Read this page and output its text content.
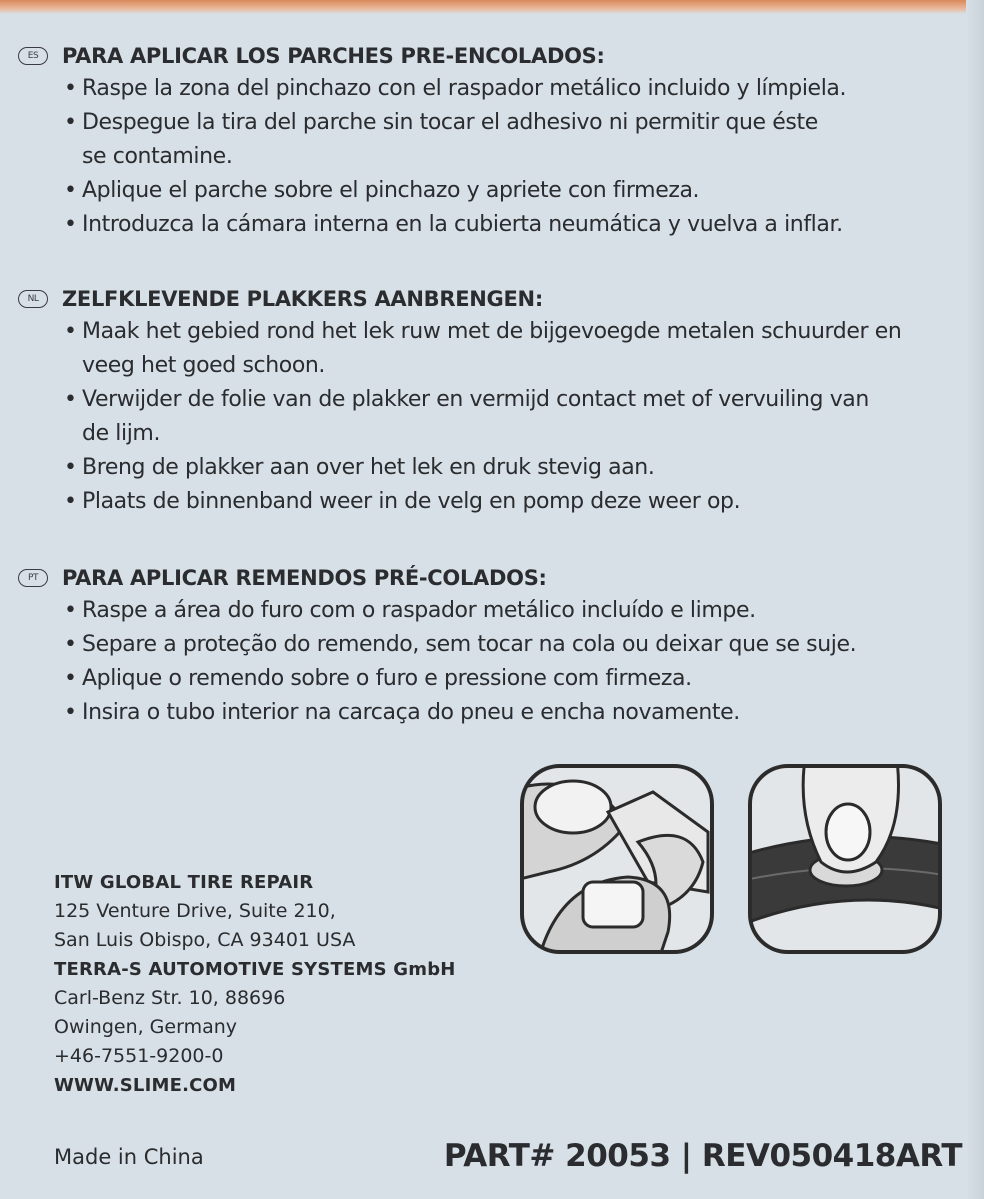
ES	PARA APLICAR LOS PARCHES PRE-ENCOLADOS:
• Raspe la zona del pinchazo con el raspador metálico incluido y límpiela.
• Despegue la tira del parche sin tocar el adhesivo ni permitir que éste se contamine.
• Aplique el parche sobre el pinchazo y apriete con firmeza.
• Introduzca la cámara interna en la cubierta neumática y vuelva a inflar.
NL	ZELFKLEVENDE PLAKKERS AANBRENGEN:
• Maak het gebied rond het lek ruw met de bijgevoegde metalen schuurder en veeg het goed schoon.
• Verwijder de folie van de plakker en vermijd contact met of vervuiling van de lijm.
• Breng de plakker aan over het lek en druk stevig aan.
• Plaats de binnenband weer in de velg en pomp deze weer op.
PT	PARA APLICAR REMENDOS PRÉ-COLADOS:
• Raspe a área do furo com o raspador metálico incluído e limpe.
• Separe a proteção do remendo, sem tocar na cola ou deixar que se suje.
• Aplique o remendo sobre o furo e pressione com firmeza.
• Insira o tubo interior na carcaça do pneu e encha novamente.
ITW GLOBAL TIRE REPAIR
125 Venture Drive, Suite 210,
San Luis Obispo, CA 93401 USA
TERRA-S AUTOMOTIVE SYSTEMS GmbH
Carl-Benz Str. 10, 88696
Owingen, Germany
+46-7551-9200-0
WWW.SLIME.COM
Made in China	PART# 20053 | REV050418ART
